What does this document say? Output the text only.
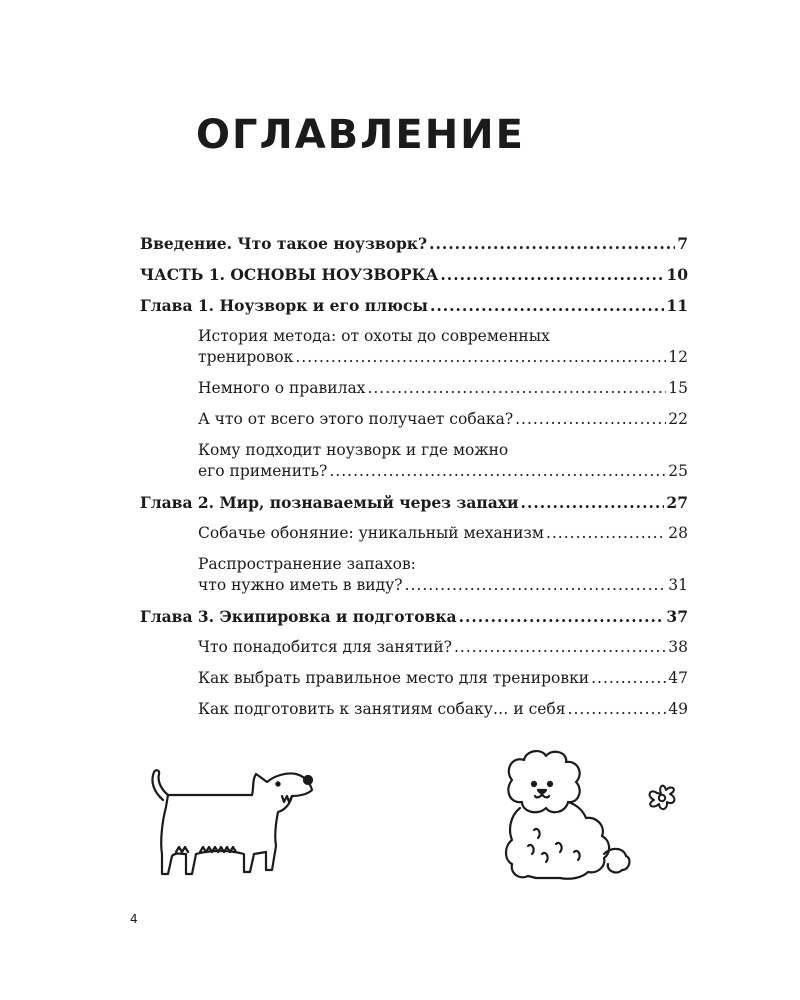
ОГЛАВЛЕНИЕ
Введение. Что такое ноузворк? .....	7
ЧАСТЬ 1. ОСНОВЫ НОУЗВОРКА .....	10
Глава 1. Ноузворк и его плюсы .....	11
История метода: от охоты до современных
тренировок .....	12
Немного о правилах .....	15
А что от всего этого получает собака? .....	22
Кому подходит ноузворк и где можно
его применить? .....	25
Глава 2. Мир, познаваемый через запахи .....	27
Собачье обоняние: уникальный механизм .....	28
Распространение запахов:
что нужно иметь в виду? .....	31
Глава 3. Экипировка и подготовка .....	37
Что понадобится для занятий? .....	38
Как выбрать правильное место для тренировки .....	47
Как подготовить к занятиям собаку… и себя .....	49
4
